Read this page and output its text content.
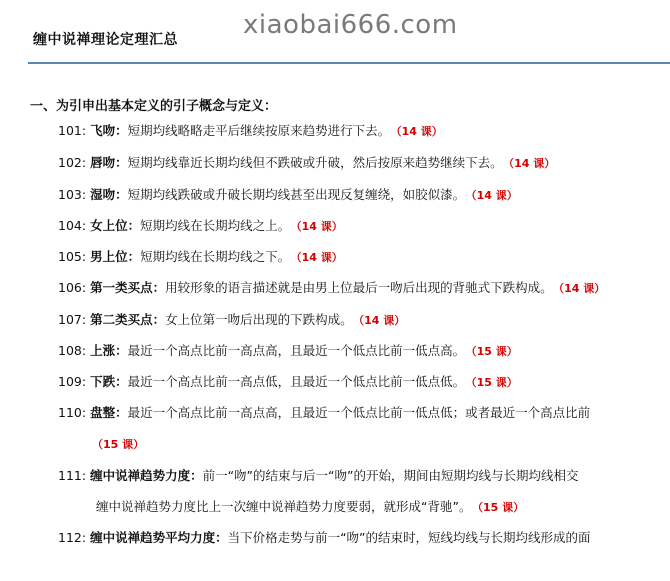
缠中说禅理论定理汇总	xiaobai666.com
一、为引申出基本定义的引子概念与定义：
101: 飞吻：短期均线略略走平后继续按原来趋势进行下去。 （14 课）
102: 唇吻：短期均线靠近长期均线但不跌破或升破，然后按原来趋势继续下去。 （14 课）
103: 湿吻：短期均线跌破或升破长期均线甚至出现反复缠绕，如胶似漆。 （14 课）
104: 女上位：短期均线在长期均线之上。 （14 课）
105: 男上位：短期均线在长期均线之下。 （14 课）
106: 第一类买点：用较形象的语言描述就是由男上位最后一吻后出现的背驰式下跌构成。 （14 课）
107: 第二类买点：女上位第一吻后出现的下跌构成。 （14 课）
108: 上涨：最近一个高点比前一高点高，且最近一个低点比前一低点高。 （15 课）
109: 下跌：最近一个高点比前一高点低，且最近一个低点比前一低点低。 （15 课）
110: 盘整：最近一个高点比前一高点高，且最近一个低点比前一低点低；或者最近一个高点比前
（15 课）
111: 缠中说禅趋势力度：前一“吻”的结束与后一“吻”的开始，期间由短期均线与长期均线相交
缠中说禅趋势力度比上一次缠中说禅趋势力度要弱，就形成“背驰”。 （15 课）
112: 缠中说禅趋势平均力度：当下价格走势与前一“吻”的结束时，短线均线与长期均线形成的面
